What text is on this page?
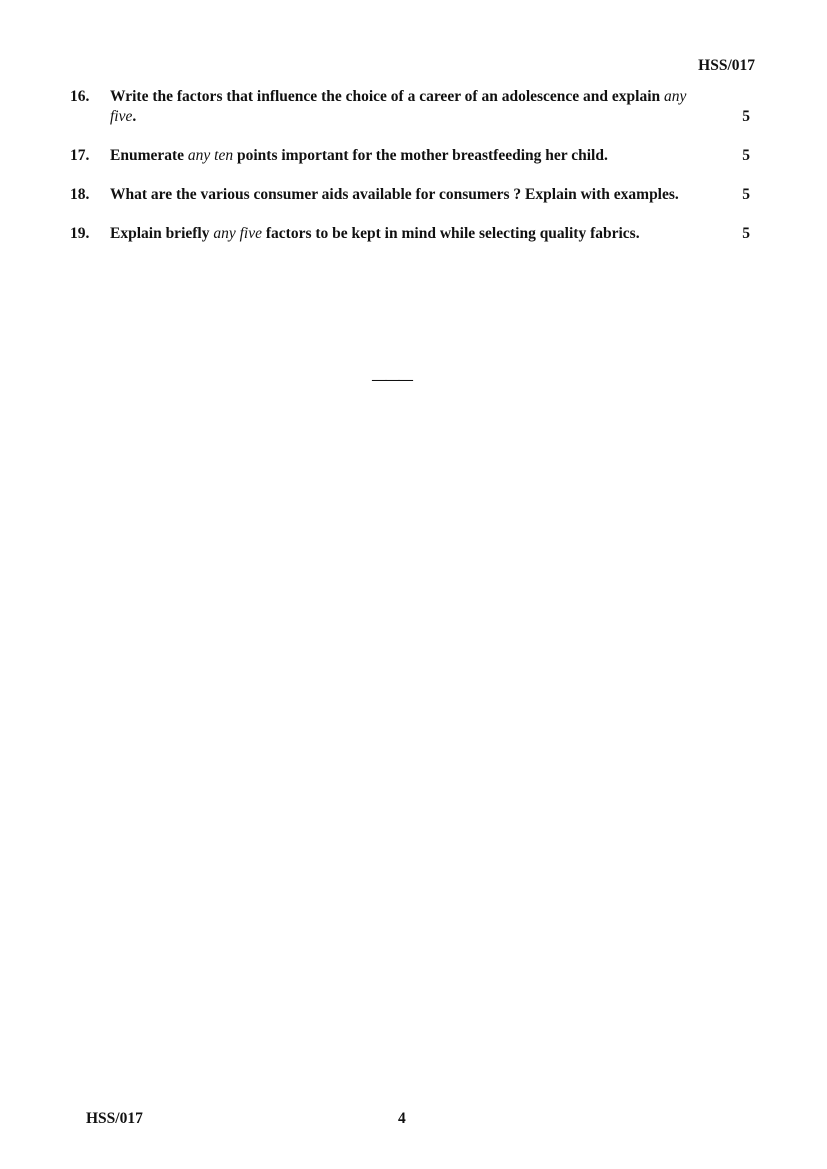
HSS/017
16.	Write the factors that influence the choice of a career of an adolescence and explain any
five.	5
17.	Enumerate any ten points important for the mother breastfeeding her child.	5
18.	What are the various consumer aids available for consumers ? Explain with examples.	5
19.	Explain briefly any five factors to be kept in mind while selecting quality fabrics.	5
———
HSS/017	4
